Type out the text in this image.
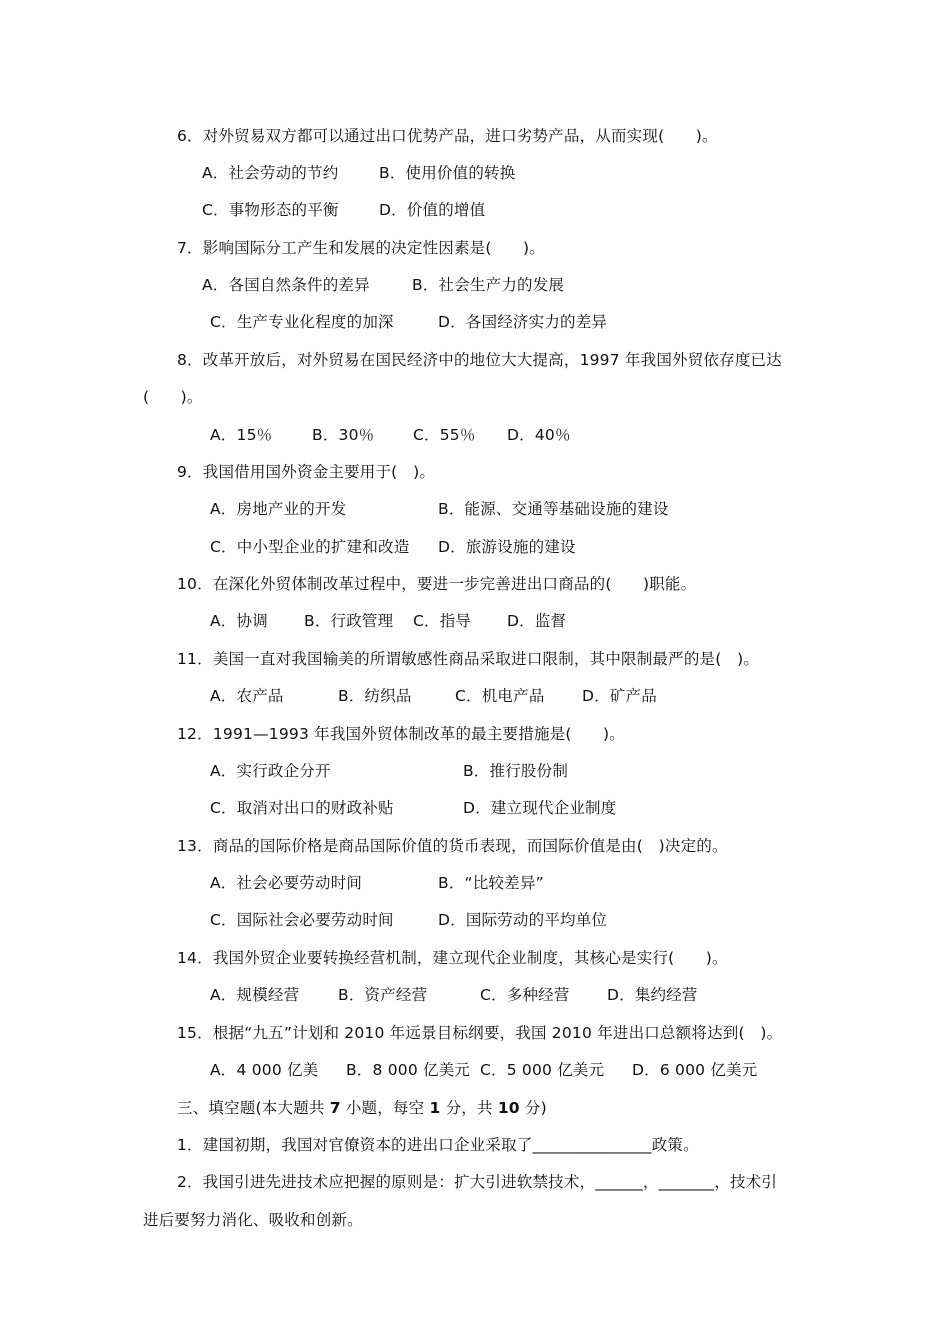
6．对外贸易双方都可以通过出口优势产品，进口劣势产品，从而实现(　　)。
A．社会劳动的节约	B．使用价值的转换
C．事物形态的平衡	D．价值的增值
7．影响国际分工产生和发展的决定性因素是(　　)。
A．各国自然条件的差异	B．社会生产力的发展
C．生产专业化程度的加深	D．各国经济实力的差异
8．改革开放后，对外贸易在国民经济中的地位大大提高，1997 年我国外贸依存度已达
(　　)。
A．15％	B．30％ C．55％ D．40％
9．我国借用国外资金主要用于(　)。
A．房地产业的开发	B．能源、交通等基础设施的建设
C．中小型企业的扩建和改造 D．旅游设施的建设
10．在深化外贸体制改革过程中，要进一步完善进出口商品的(　　)职能。
A．协调 B．行政管理 C．指导 D．监督
11．美国一直对我国输美的所谓敏感性商品采取进口限制，其中限制最严的是(　)。
A．农产品	B．纺织品	C．机电产品 D．矿产品
12．1991—1993 年我国外贸体制改革的最主要措施是(　　)。
A．实行政企分开	B．推行股份制
C．取消对出口的财政补贴	D．建立现代企业制度
13．商品的国际价格是商品国际价值的货币表现，而国际价值是由(　)决定的。
A．社会必要劳动时间	B．“比较差异”
C．国际社会必要劳动时间	D．国际劳动的平均单位
14．我国外贸企业要转换经营机制，建立现代企业制度，其核心是实行(　　)。
A．规模经营 B．资产经营	C．多种经营 D．集约经营
15．根据“九五”计划和 2010 年远景目标纲要，我国 2010 年进出口总额将达到(　)。
A．4 000 亿美 B．8 000 亿美元 C．5 000 亿美元 D．6 000 亿美元
三、填空题(本大题共 7 小题，每空 1 分，共 10 分)
1．建国初期，我国对官僚资本的进出口企业采取了_______________政策。
2．我国引进先进技术应把握的原则是：扩大引进软禁技术，______，_______，技术引
进后要努力消化、吸收和创新。
